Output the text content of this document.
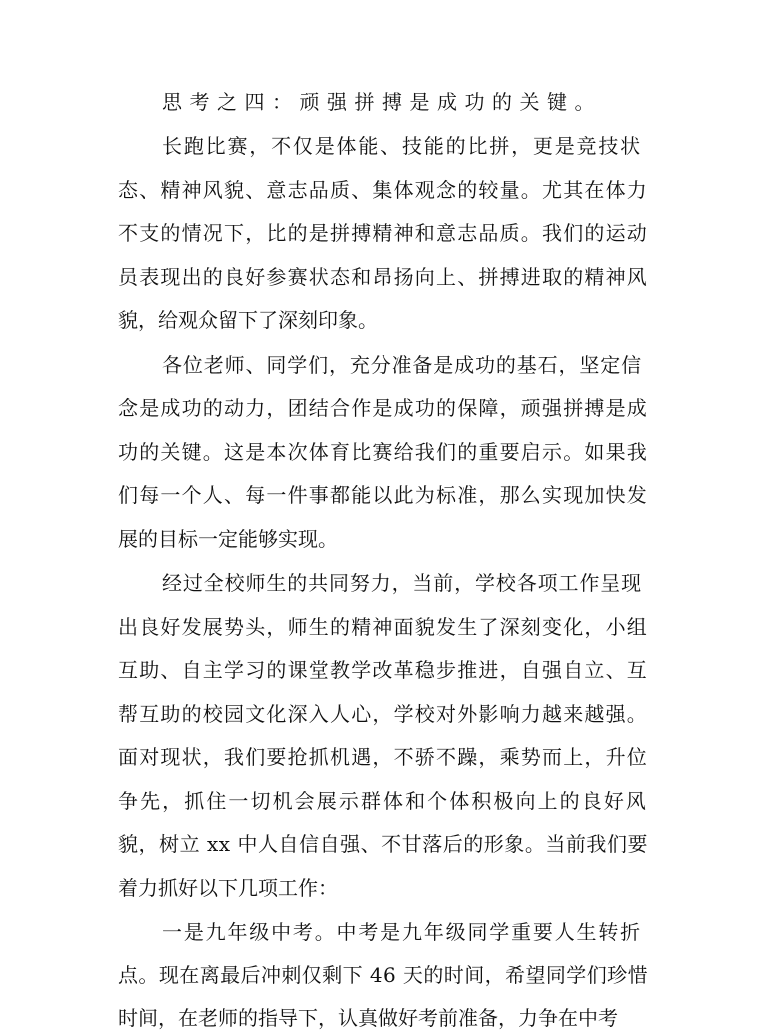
思考之四：顽强拼搏是成功的关键。
长跑比赛，不仅是体能、技能的比拼，更是竞技状
态、精神风貌、意志品质、集体观念的较量。尤其在体力
不支的情况下，比的是拼搏精神和意志品质。我们的运动
员表现出的良好参赛状态和昂扬向上、拼搏进取的精神风
貌，给观众留下了深刻印象。
各位老师、同学们，充分准备是成功的基石，坚定信
念是成功的动力，团结合作是成功的保障，顽强拼搏是成
功的关键。这是本次体育比赛给我们的重要启示。如果我
们每一个人、每一件事都能以此为标准，那么实现加快发
展的目标一定能够实现。
经过全校师生的共同努力，当前，学校各项工作呈现
出良好发展势头，师生的精神面貌发生了深刻变化，小组
互助、自主学习的课堂教学改革稳步推进，自强自立、互
帮互助的校园文化深入人心，学校对外影响力越来越强。
面对现状，我们要抢抓机遇，不骄不躁，乘势而上，升位
争先，抓住一切机会展示群体和个体积极向上的良好风
貌，树立 xx 中人自信自强、不甘落后的形象。当前我们要
着力抓好以下几项工作：
一是九年级中考。中考是九年级同学重要人生转折
点。现在离最后冲刺仅剩下 46 天的时间，希望同学们珍惜
时间，在老师的指导下，认真做好考前准备，力争在中考
